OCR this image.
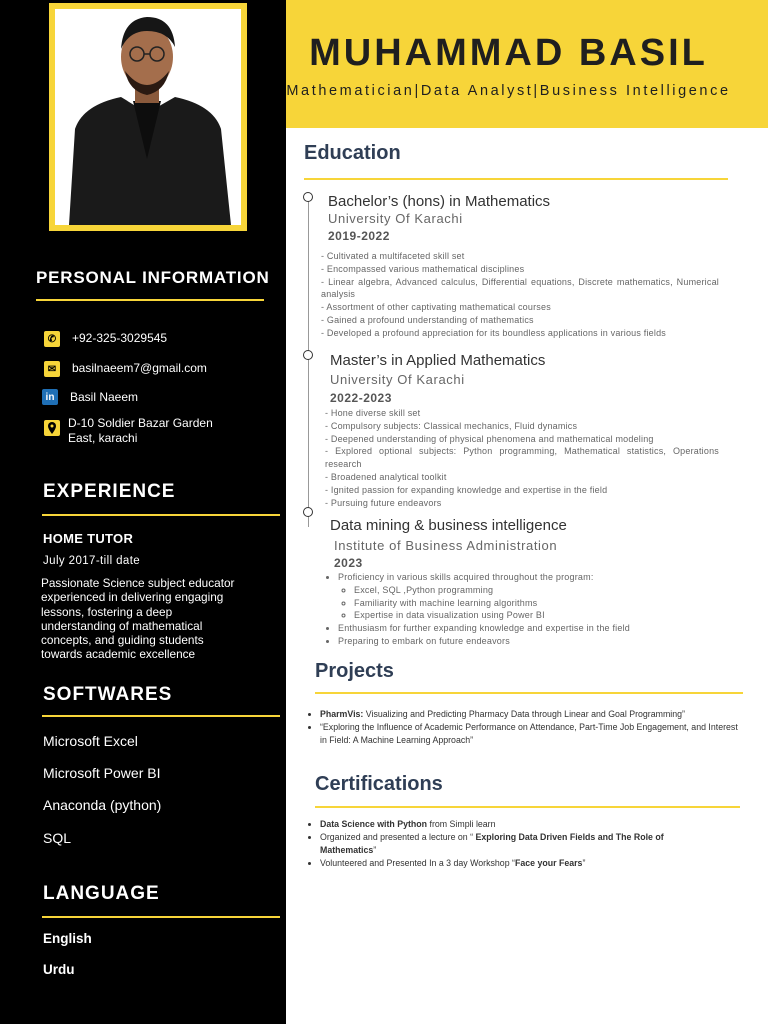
MUHAMMAD BASIL
Mathematician|Data Analyst|Business Intelligence
PERSONAL INFORMATION
✆	+92-325-3029545
✉	basilnaeem7@gmail.com
in Basil Naeem
D-10 Soldier Bazar Garden East, karachi
EXPERIENCE
HOME TUTOR
July 2017-till date
Passionate Science subject educator experienced in delivering engaging lessons, fostering a deep understanding of mathematical concepts, and guiding students towards academic excellence
SOFTWARES
Microsoft Excel
Microsoft Power BI
Anaconda (python)
SQL
LANGUAGE
English
Urdu
Education
Bachelor’s (hons) in Mathematics
University Of Karachi
2019-2022
- Cultivated a multifaceted skill set
- Encompassed various mathematical disciplines
- Linear algebra, Advanced calculus, Differential equations, Discrete mathematics, Numerical analysis
- Assortment of other captivating mathematical courses
- Gained a profound understanding of mathematics
- Developed a profound appreciation for its boundless applications in various fields
Master’s in Applied Mathematics
University Of Karachi
2022-2023
- Hone diverse skill set
- Compulsory subjects: Classical mechanics, Fluid dynamics
- Deepened understanding of physical phenomena and mathematical modeling
- Explored optional subjects: Python programming, Mathematical statistics, Operations research
- Broadened analytical toolkit
- Ignited passion for expanding knowledge and expertise in the field
- Pursuing future endeavors
Data mining & business intelligence
Institute of Business Administration
2023
• Proficiency in various skills acquired throughout the program:
◦ Excel, SQL ,Python programming
◦ Familiarity with machine learning algorithms
◦ Expertise in data visualization using Power BI
• Enthusiasm for further expanding knowledge and expertise in the field
• Preparing to embark on future endeavors
Projects
• PharmVis: Visualizing and Predicting Pharmacy Data through Linear and Goal Programming”
• “Exploring the Influence of Academic Performance on Attendance, Part-Time Job Engagement, and Interest in Field: A Machine Learning Approach”
Certifications
• Data Science with Python from Simpli learn
• Organized and presented a lecture on “ Exploring Data Driven Fields and The Role of Mathematics”
• Volunteered and Presented In a 3 day Workshop “Face your Fears”
